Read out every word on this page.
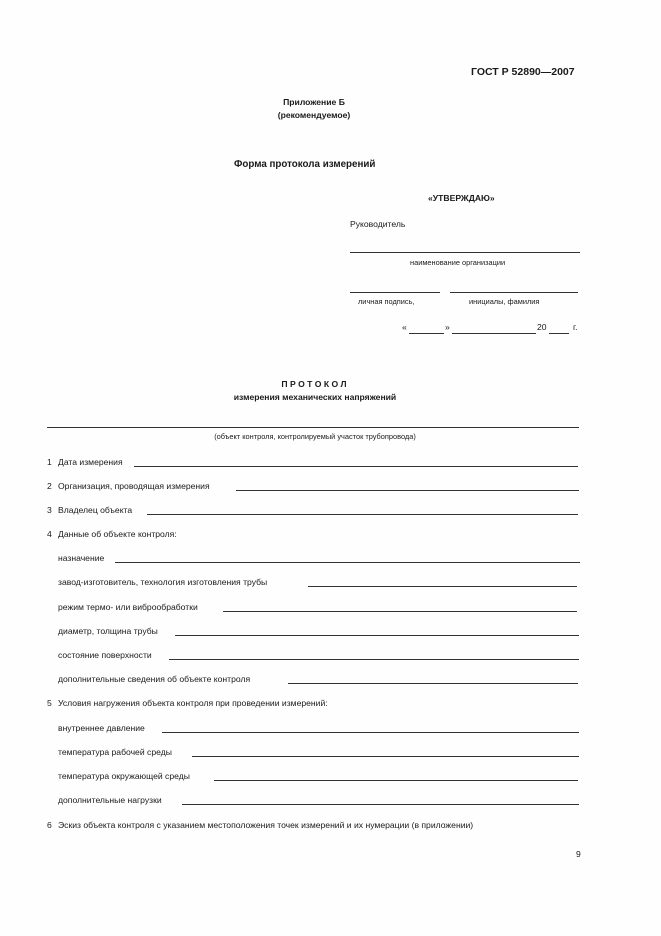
ГОСТ Р 52890—2007
Приложение Б
(рекомендуемое)
Форма протокола измерений
«УТВЕРЖДАЮ»
Руководитель
наименование организации
личная подпись,	инициалы, фамилия
«	»	20	г.
П Р О Т О К О Л
измерения механических напряжений
(объект контроля, контролируемый участок трубопровода)
1 Дата измерения
2 Организация, проводящая измерения
3 Владелец объекта
4 Данные об объекте контроля:
назначение
завод-изготовитель, технология изготовления трубы
режим термо- или виброобработки
диаметр, толщина трубы
состояние поверхности
дополнительные сведения об объекте контроля
5 Условия нагружения объекта контроля при проведении измерений:
внутреннее давление
температура рабочей среды
температура окружающей среды
дополнительные нагрузки
6 Эскиз объекта контроля с указанием местоположения точек измерений и их нумерации (в приложении)
9
